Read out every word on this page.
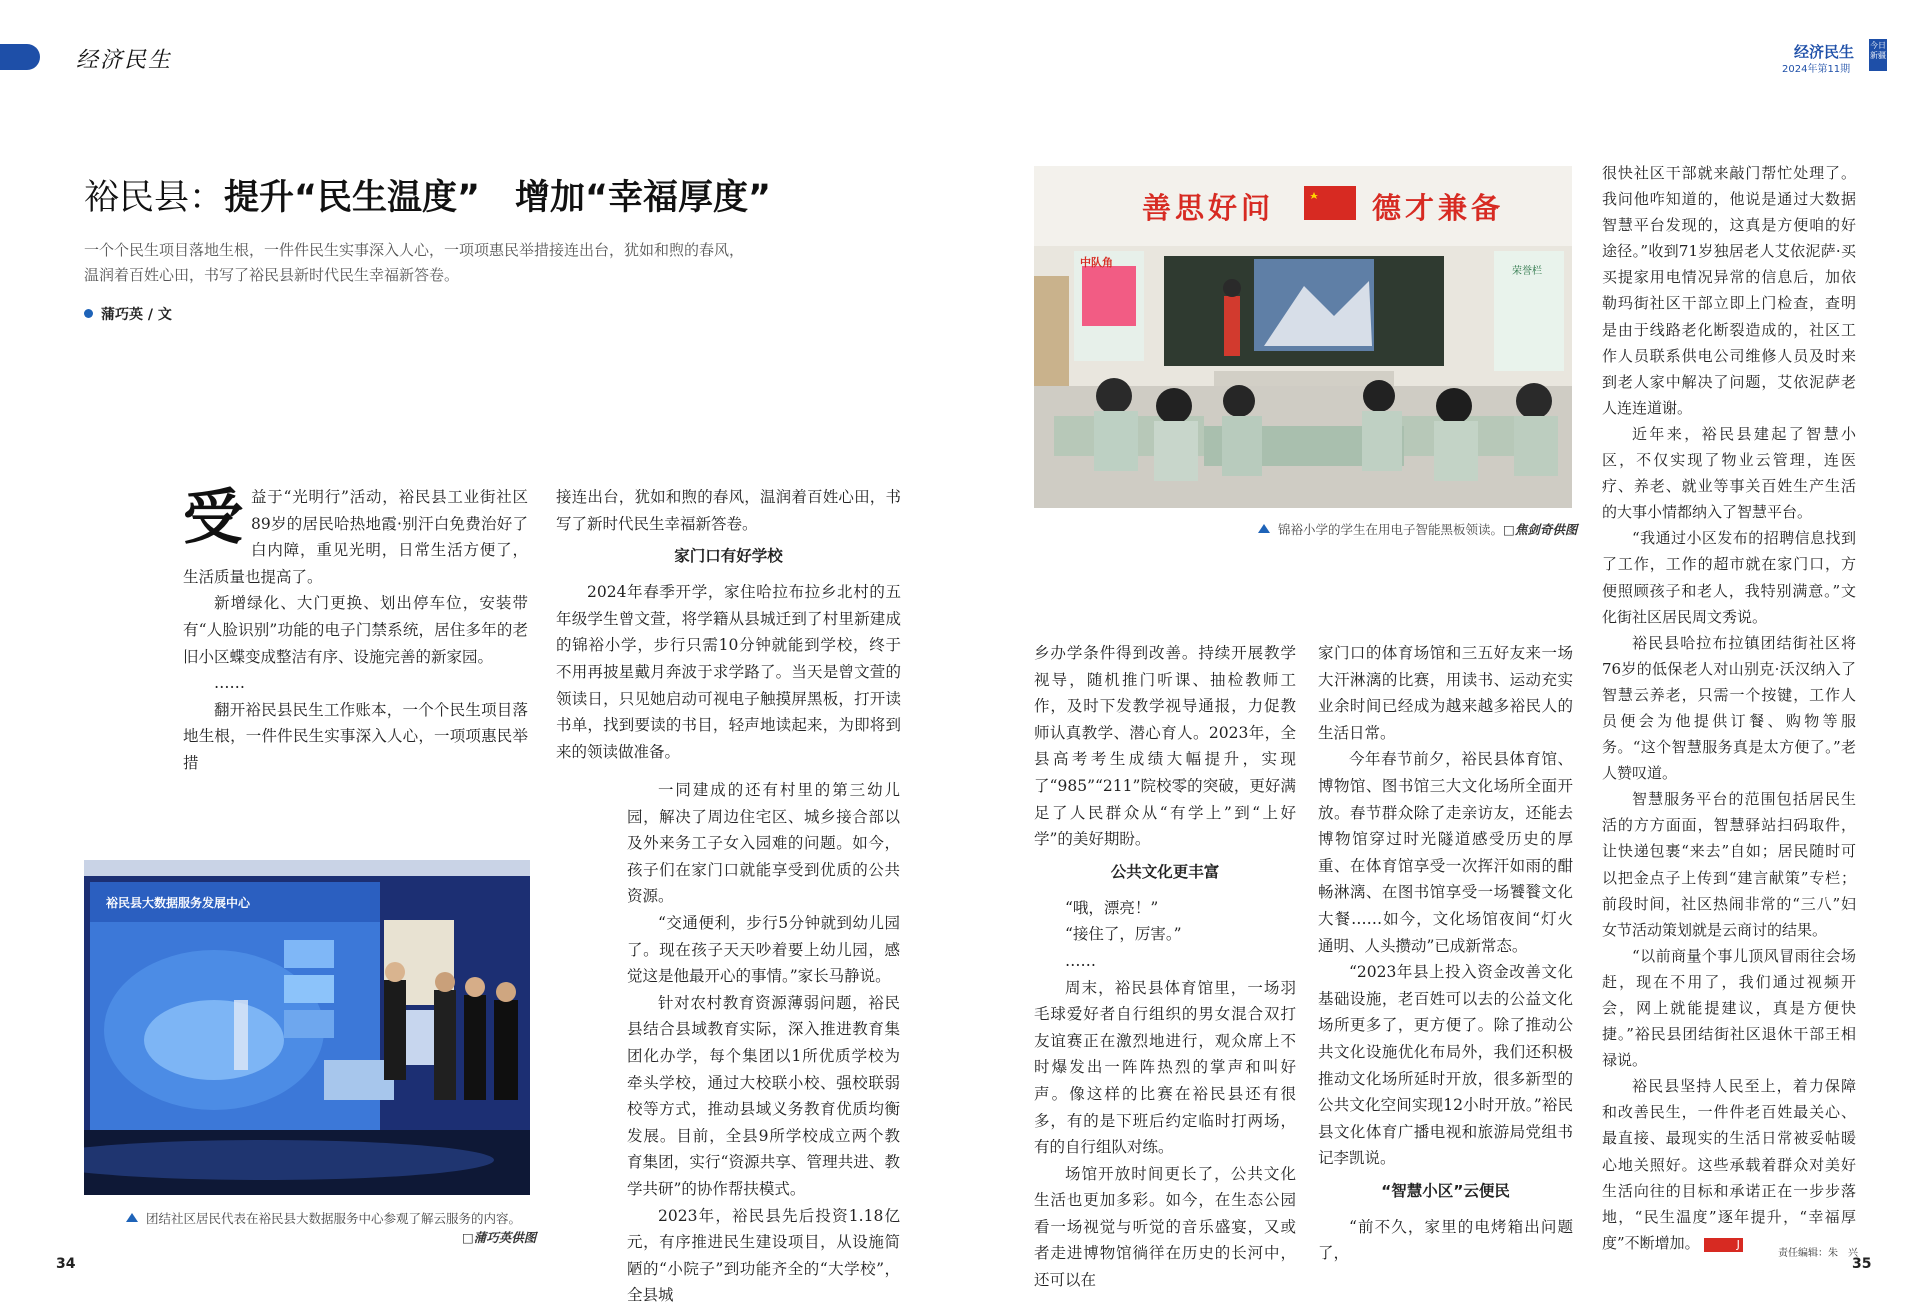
经济民生	经济民生
2024年第11期
今日新疆
裕民县：提升“民生温度”　增加“幸福厚度”
一个个民生项目落地生根，一件件民生实事深入人心，一项项惠民举措接连出台，犹如和煦的春风，温润着百姓心田，书写了裕民县新时代民生幸福新答卷。
蒲巧英 / 文

受益于“光明行”活动，裕民县工业街社区89岁的居民哈热地霞·别汗白免费治好了白内障，重见光明，日常生活方便了，生活质量也提高了。

新增绿化、大门更换、划出停车位，安装带有“人脸识别”功能的电子门禁系统，居住多年的老旧小区蝶变成整洁有序、设施完善的新家园。

……

翻开裕民县民生工作账本，一个个民生项目落地生根，一件件民生实事深入人心，一项项惠民举措

裕民县大数据服务发展中心
团结社区居民代表在裕民县大数据服务中心参观了解云服务的内容。
□蒲巧英供图

接连出台，犹如和煦的春风，温润着百姓心田，书写了新时代民生幸福新答卷。

家门口有好学校

2024年春季开学，家住哈拉布拉乡北村的五年级学生曾文萱，将学籍从县城迁到了村里新建成的锦裕小学，步行只需10分钟就能到学校，终于不用再披星戴月奔波于求学路了。当天是曾文萱的领读日，只见她启动可视电子触摸屏黑板，打开读书单，找到要读的书目，轻声地读起来，为即将到来的领读做准备。

一同建成的还有村里的第三幼儿园，解决了周边住宅区、城乡接合部以及外来务工子女入园难的问题。如今，孩子们在家门口就能享受到优质的公共资源。

“交通便利，步行5分钟就到幼儿园了。现在孩子天天吵着要上幼儿园，感觉这是他最开心的事情。”家长马静说。

针对农村教育资源薄弱问题，裕民县结合县域教育实际，深入推进教育集团化办学，每个集团以1所优质学校为牵头学校，通过大校联小校、强校联弱校等方式，推动县域义务教育优质均衡发展。目前，全县9所学校成立两个教育集团，实行“资源共享、管理共进、教学共研”的协作帮扶模式。

2023年，裕民县先后投资1.18亿元，有序推进民生建设项目，从设施简陋的“小院子”到功能齐全的“大学校”，全县城

善思好问	德才兼备
中队角
荣誉栏
锦裕小学的学生在用电子智能黑板领读。□焦剑奇供图

乡办学条件得到改善。持续开展教学视导，随机推门听课、抽检教师工作，及时下发教学视导通报，力促教师认真教学、潜心育人。2023年，全县高考考生成绩大幅提升，实现了“985”“211”院校零的突破，更好满足了人民群众从“有学上”到“上好学”的美好期盼。

公共文化更丰富

“哦，漂亮！”

“接住了，厉害。”

……

周末，裕民县体育馆里，一场羽毛球爱好者自行组织的男女混合双打友谊赛正在激烈地进行，观众席上不时爆发出一阵阵热烈的掌声和叫好声。像这样的比赛在裕民县还有很多，有的是下班后约定临时打两场，有的自行组队对练。

场馆开放时间更长了，公共文化生活也更加多彩。如今，在生态公园看一场视觉与听觉的音乐盛宴，又或者走进博物馆徜徉在历史的长河中，还可以在

家门口的体育场馆和三五好友来一场大汗淋漓的比赛，用读书、运动充实业余时间已经成为越来越多裕民人的生活日常。

今年春节前夕，裕民县体育馆、博物馆、图书馆三大文化场所全面开放。春节群众除了走亲访友，还能去博物馆穿过时光隧道感受历史的厚重、在体育馆享受一次挥汗如雨的酣畅淋漓、在图书馆享受一场饕餮文化大餐……如今，文化场馆夜间“灯火通明、人头攒动”已成新常态。

“2023年县上投入资金改善文化基础设施，老百姓可以去的公益文化场所更多了，更方便了。除了推动公共文化设施优化布局外，我们还积极推动文化场所延时开放，很多新型的公共文化空间实现12小时开放。”裕民县文化体育广播电视和旅游局党组书记李凯说。

“智慧小区”云便民

“前不久，家里的电烤箱出问题了，

很快社区干部就来敲门帮忙处理了。我问他咋知道的，他说是通过大数据智慧平台发现的，这真是方便咱的好途径。”收到71岁独居老人艾依泥萨·买买提家用电情况异常的信息后，加依勒玛街社区干部立即上门检查，查明是由于线路老化断裂造成的，社区工作人员联系供电公司维修人员及时来到老人家中解决了问题，艾依泥萨老人连连道谢。

近年来，裕民县建起了智慧小区，不仅实现了物业云管理，连医疗、养老、就业等事关百姓生产生活的大事小情都纳入了智慧平台。

“我通过小区发布的招聘信息找到了工作，工作的超市就在家门口，方便照顾孩子和老人，我特别满意。”文化街社区居民周文秀说。

裕民县哈拉布拉镇团结街社区将76岁的低保老人对山别克·沃汉纳入了智慧云养老，只需一个按键，工作人员便会为他提供订餐、购物等服务。“这个智慧服务真是太方便了。”老人赞叹道。

智慧服务平台的范围包括居民生活的方方面面，智慧驿站扫码取件，让快递包裹“来去”自如；居民随时可以把金点子上传到“建言献策”专栏；前段时间，社区热闹非常的“三八”妇女节活动策划就是云商讨的结果。

“以前商量个事儿顶风冒雨往会场赶，现在不用了，我们通过视频开会，网上就能提建议，真是方便快捷。”裕民县团结街社区退休干部王相禄说。

裕民县坚持人民至上，着力保障和改善民生，一件件老百姓最关心、最直接、最现实的生活日常被妥帖暖心地关照好。这些承载着群众对美好生活向往的目标和承诺正在一步步落地，“民生温度”逐年提升，“幸福厚度”不断增加。	J

34	35
责任编辑：朱　兴
